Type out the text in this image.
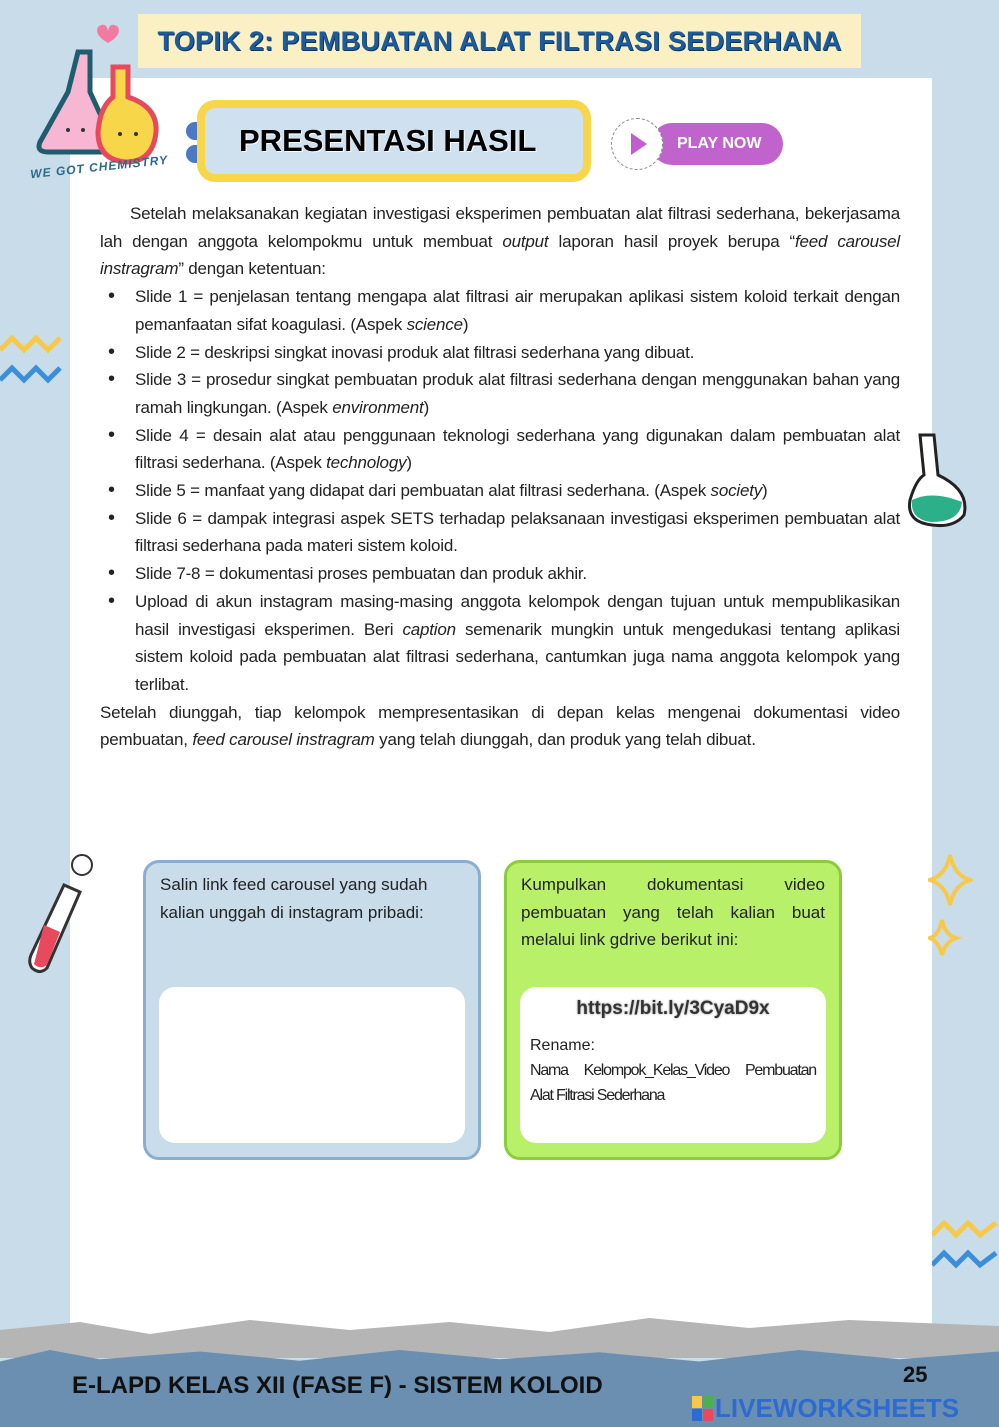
TOPIK 2: PEMBUATAN ALAT FILTRASI SEDERHANA
WE GOT CHEMISTRY
PRESENTASI HASIL	PLAY NOW

Setelah melaksanakan kegiatan investigasi eksperimen pembuatan alat filtrasi sederhana, bekerjasama lah dengan anggota kelompokmu untuk membuat output laporan hasil proyek berupa “feed carousel instragram” dengan ketentuan:

• Slide 1 = penjelasan tentang mengapa alat filtrasi air merupakan aplikasi sistem koloid terkait dengan pemanfaatan sifat koagulasi. (Aspek science)
• Slide 2 = deskripsi singkat inovasi produk alat filtrasi sederhana yang dibuat.
• Slide 3 = prosedur singkat pembuatan produk alat filtrasi sederhana dengan menggunakan bahan yang ramah lingkungan. (Aspek environment)
• Slide 4 = desain alat atau penggunaan teknologi sederhana yang digunakan dalam pembuatan alat filtrasi sederhana. (Aspek technology)
• Slide 5 = manfaat yang didapat dari pembuatan alat filtrasi sederhana. (Aspek society)
• Slide 6 = dampak integrasi aspek SETS terhadap pelaksanaan investigasi eksperimen pembuatan alat filtrasi sederhana pada materi sistem koloid.
• Slide 7-8 = dokumentasi proses pembuatan dan produk akhir.
• Upload di akun instagram masing-masing anggota kelompok dengan tujuan untuk mempublikasikan hasil investigasi eksperimen. Beri caption semenarik mungkin untuk mengedukasi tentang aplikasi sistem koloid pada pembuatan alat filtrasi sederhana, cantumkan juga nama anggota kelompok yang terlibat.

Setelah diunggah, tiap kelompok mempresentasikan di depan kelas mengenai dokumentasi video pembuatan, feed carousel instragram yang telah diunggah, dan produk yang telah dibuat.

Salin link feed carousel yang sudah kalian unggah di instagram pribadi:
Kumpulkan dokumentasi video pembuatan yang telah kalian buat melalui link gdrive berikut ini:
https://bit.ly/3CyaD9x
Rename:
Nama Kelompok_Kelas_Video Pembuatan Alat Filtrasi Sederhana
E-LAPD KELAS XII (FASE F) - SISTEM KOLOID	25
LIVEWORKSHEETS
